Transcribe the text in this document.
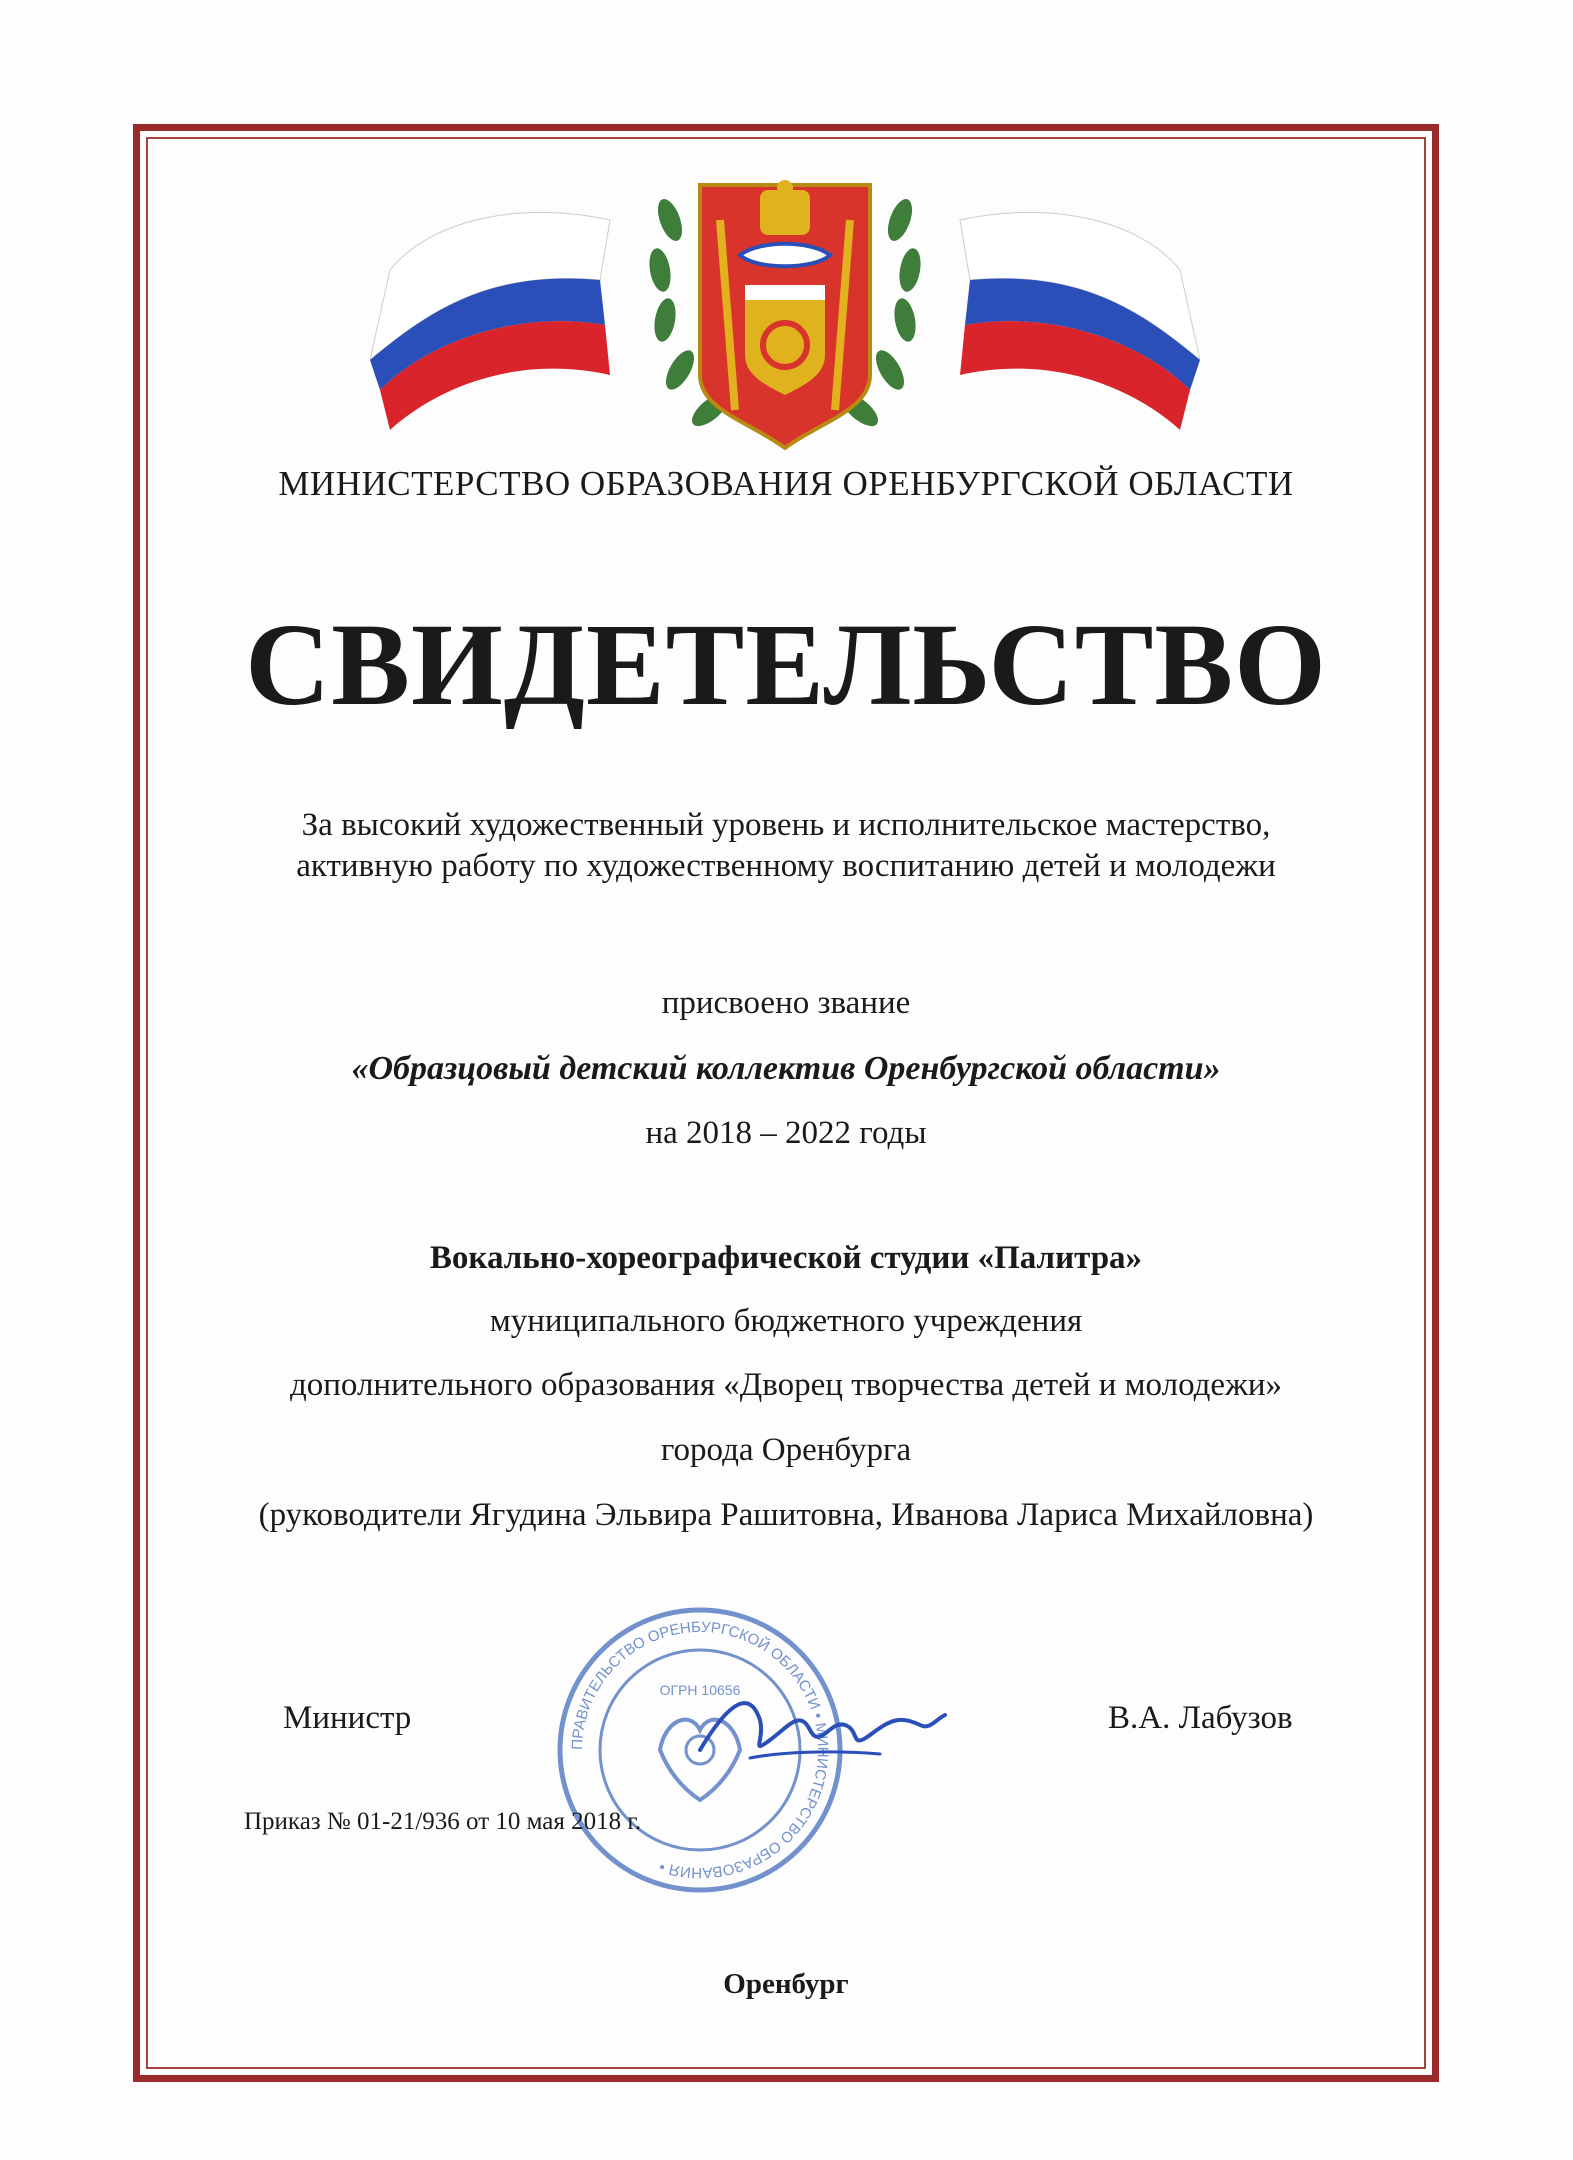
МИНИСТЕРСТВО ОБРАЗОВАНИЯ ОРЕНБУРГСКОЙ ОБЛАСТИ
СВИДЕТЕЛЬСТВО
За высокий художественный уровень и исполнительское мастерство,
активную работу по художественному воспитанию детей и молодежи
присвоено звание
«Образцовый детский коллектив Оренбургской области»
на 2018 – 2022 годы
Вокально-хореографической студии «Палитра»
муниципального бюджетного учреждения
дополнительного образования «Дворец творчества детей и молодежи»
города Оренбурга
(руководители Ягудина Эльвира Рашитовна, Иванова Лариса Михайловна)
ПРАВИТЕЛЬСТВО ОРЕНБУРГСКОЙ ОБЛАСТИ • МИНИСТЕРСТВО ОБРАЗОВАНИЯ •
ОГРН 10656
Министр	В.А. Лабузов
Приказ № 01-21/936 от 10 мая 2018 г.
Оренбург
